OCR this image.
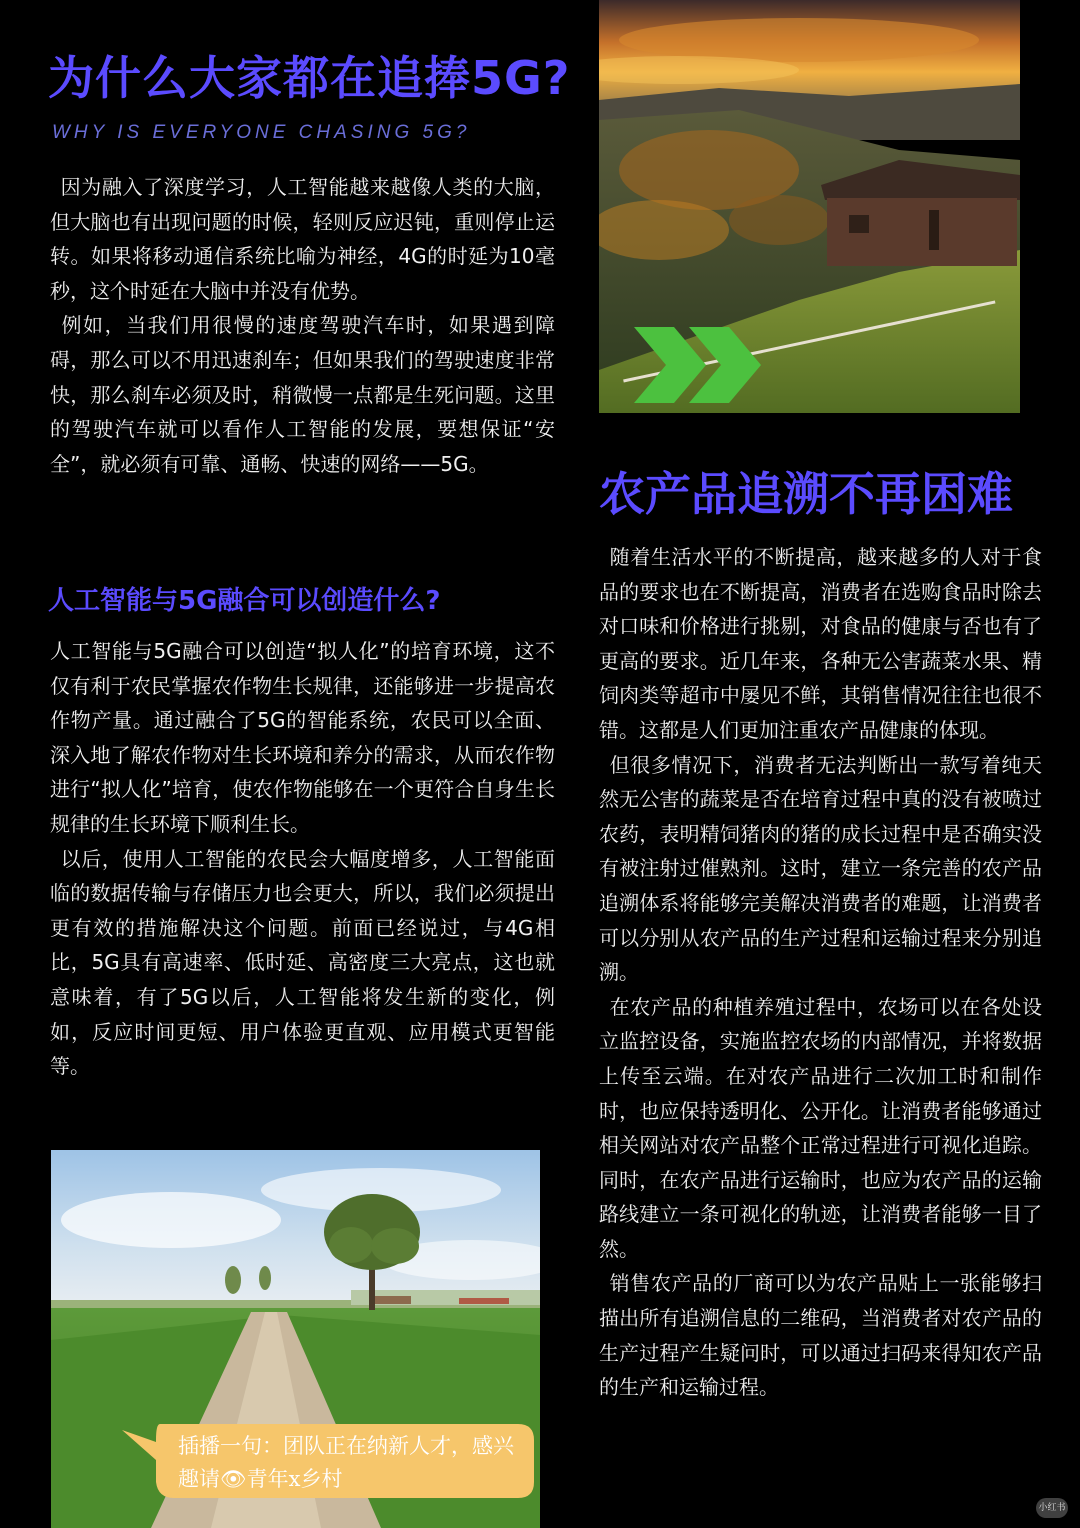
为什么大家都在追捧5G?

WHY IS EVERYONE CHASING 5G?

 因为融入了深度学习，人工智能越来越像人类的大脑，但大脑也有出现问题的时候，轻则反应迟钝，重则停止运转。如果将移动通信系统比喻为神经，4G的时延为10毫秒，这个时延在大脑中并没有优势。

 例如，当我们用很慢的速度驾驶汽车时，如果遇到障碍，那么可以不用迅速刹车；但如果我们的驾驶速度非常快，那么刹车必须及时，稍微慢一点都是生死问题。这里的驾驶汽车就可以看作人工智能的发展，要想保证“安全”，就必须有可靠、通畅、快速的网络——5G。

人工智能与5G融合可以创造什么?

人工智能与5G融合可以创造“拟人化”的培育环境，这不仅有利于农民掌握农作物生长规律，还能够进一步提高农作物产量。通过融合了5G的智能系统，农民可以全面、深入地了解农作物对生长环境和养分的需求，从而农作物进行“拟人化”培育，使农作物能够在一个更符合自身生长规律的生长环境下顺利生长。

 以后，使用人工智能的农民会大幅度增多，人工智能面临的数据传输与存储压力也会更大，所以，我们必须提出更有效的措施解决这个问题。前面已经说过，与4G相比，5G具有高速率、低时延、高密度三大亮点，这也就意味着，有了5G以后，人工智能将发生新的变化，例如，反应时间更短、用户体验更直观、应用模式更智能等。

插播一句：团队正在纳新人才，感兴趣请👁青年x乡村
农产品追溯不再困难

 随着生活水平的不断提高，越来越多的人对于食品的要求也在不断提高，消费者在选购食品时除去对口味和价格进行挑剔，对食品的健康与否也有了更高的要求。近几年来，各种无公害蔬菜水果、精饲肉类等超市中屡见不鲜，其销售情况往往也很不错。这都是人们更加注重农产品健康的体现。

 但很多情况下，消费者无法判断出一款写着纯天然无公害的蔬菜是否在培育过程中真的没有被喷过农药，表明精饲猪肉的猪的成长过程中是否确实没有被注射过催熟剂。这时，建立一条完善的农产品追溯体系将能够完美解决消费者的难题，让消费者可以分别从农产品的生产过程和运输过程来分别追溯。

 在农产品的种植养殖过程中，农场可以在各处设立监控设备，实施监控农场的内部情况，并将数据上传至云端。在对农产品进行二次加工时和制作时，也应保持透明化、公开化。让消费者能够通过相关网站对农产品整个正常过程进行可视化追踪。同时，在农产品进行运输时，也应为农产品的运输路线建立一条可视化的轨迹，让消费者能够一目了然。

 销售农产品的厂商可以为农产品贴上一张能够扫描出所有追溯信息的二维码，当消费者对农产品的生产过程产生疑问时，可以通过扫码来得知农产品的生产和运输过程。

小红书
